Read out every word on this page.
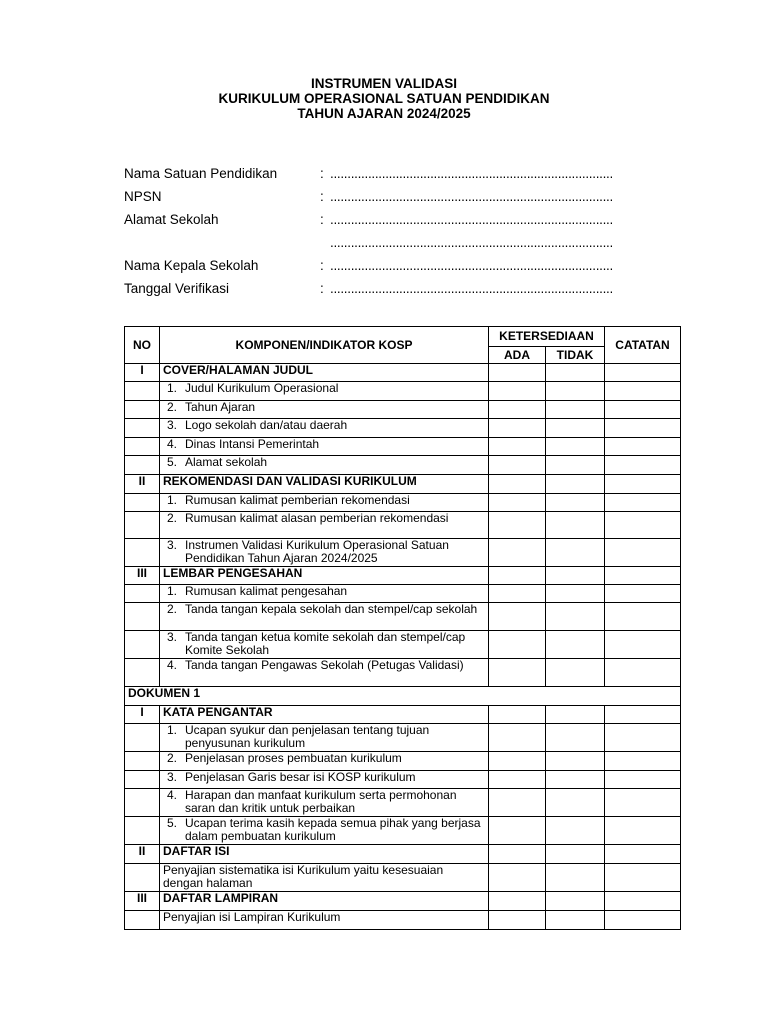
INSTRUMEN VALIDASI
KURIKULUM OPERASIONAL SATUAN PENDIDIKAN
TAHUN AJARAN 2024/2025
Nama Satuan Pendidikan	: ..................................................................................
NPSN	: ..................................................................................
Alamat Sekolah	: ..................................................................................
..................................................................................
Nama Kepala Sekolah	: ..................................................................................
Tanggal Verifikasi	: ..................................................................................
NO	KOMPONEN/INDIKATOR KOSP	KETERSEDIAAN		CATATAN
		ADA	TIDAK	
I	COVER/HALAMAN JUDUL			

	1. Judul Kurikulum Operasional			

	2. Tahun Ajaran			

	3. Logo sekolah dan/atau daerah			

	4. Dinas Intansi Pemerintah			

	5. Alamat sekolah			
II	REKOMENDASI DAN VALIDASI KURIKULUM			

	1. Rumusan kalimat pemberian rekomendasi			

	2. Rumusan kalimat alasan pemberian rekomendasi			

	3. Instrumen Validasi Kurikulum Operasional Satuan Pendidikan Tahun Ajaran 2024/2025			
III	LEMBAR PENGESAHAN			

	1. Rumusan kalimat pengesahan			

	2. Tanda tangan kepala sekolah dan stempel/cap sekolah			

	3. Tanda tangan ketua komite sekolah dan stempel/cap Komite Sekolah			

	4. Tanda tangan Pengawas Sekolah (Petugas Validasi)			
DOKUMEN 1				
I	KATA PENGANTAR			

	1. Ucapan syukur dan penjelasan tentang tujuan penyusunan kurikulum			

	2. Penjelasan proses pembuatan kurikulum			

	3. Penjelasan Garis besar isi KOSP kurikulum			

	4. Harapan dan manfaat kurikulum serta permohonan saran dan kritik untuk perbaikan			

	5. Ucapan terima kasih kepada semua pihak yang berjasa dalam pembuatan kurikulum			
II	DAFTAR ISI			
	Penyajian sistematika isi Kurikulum yaitu kesesuaian dengan halaman			
III	DAFTAR LAMPIRAN			
	Penyajian isi Lampiran Kurikulum			
